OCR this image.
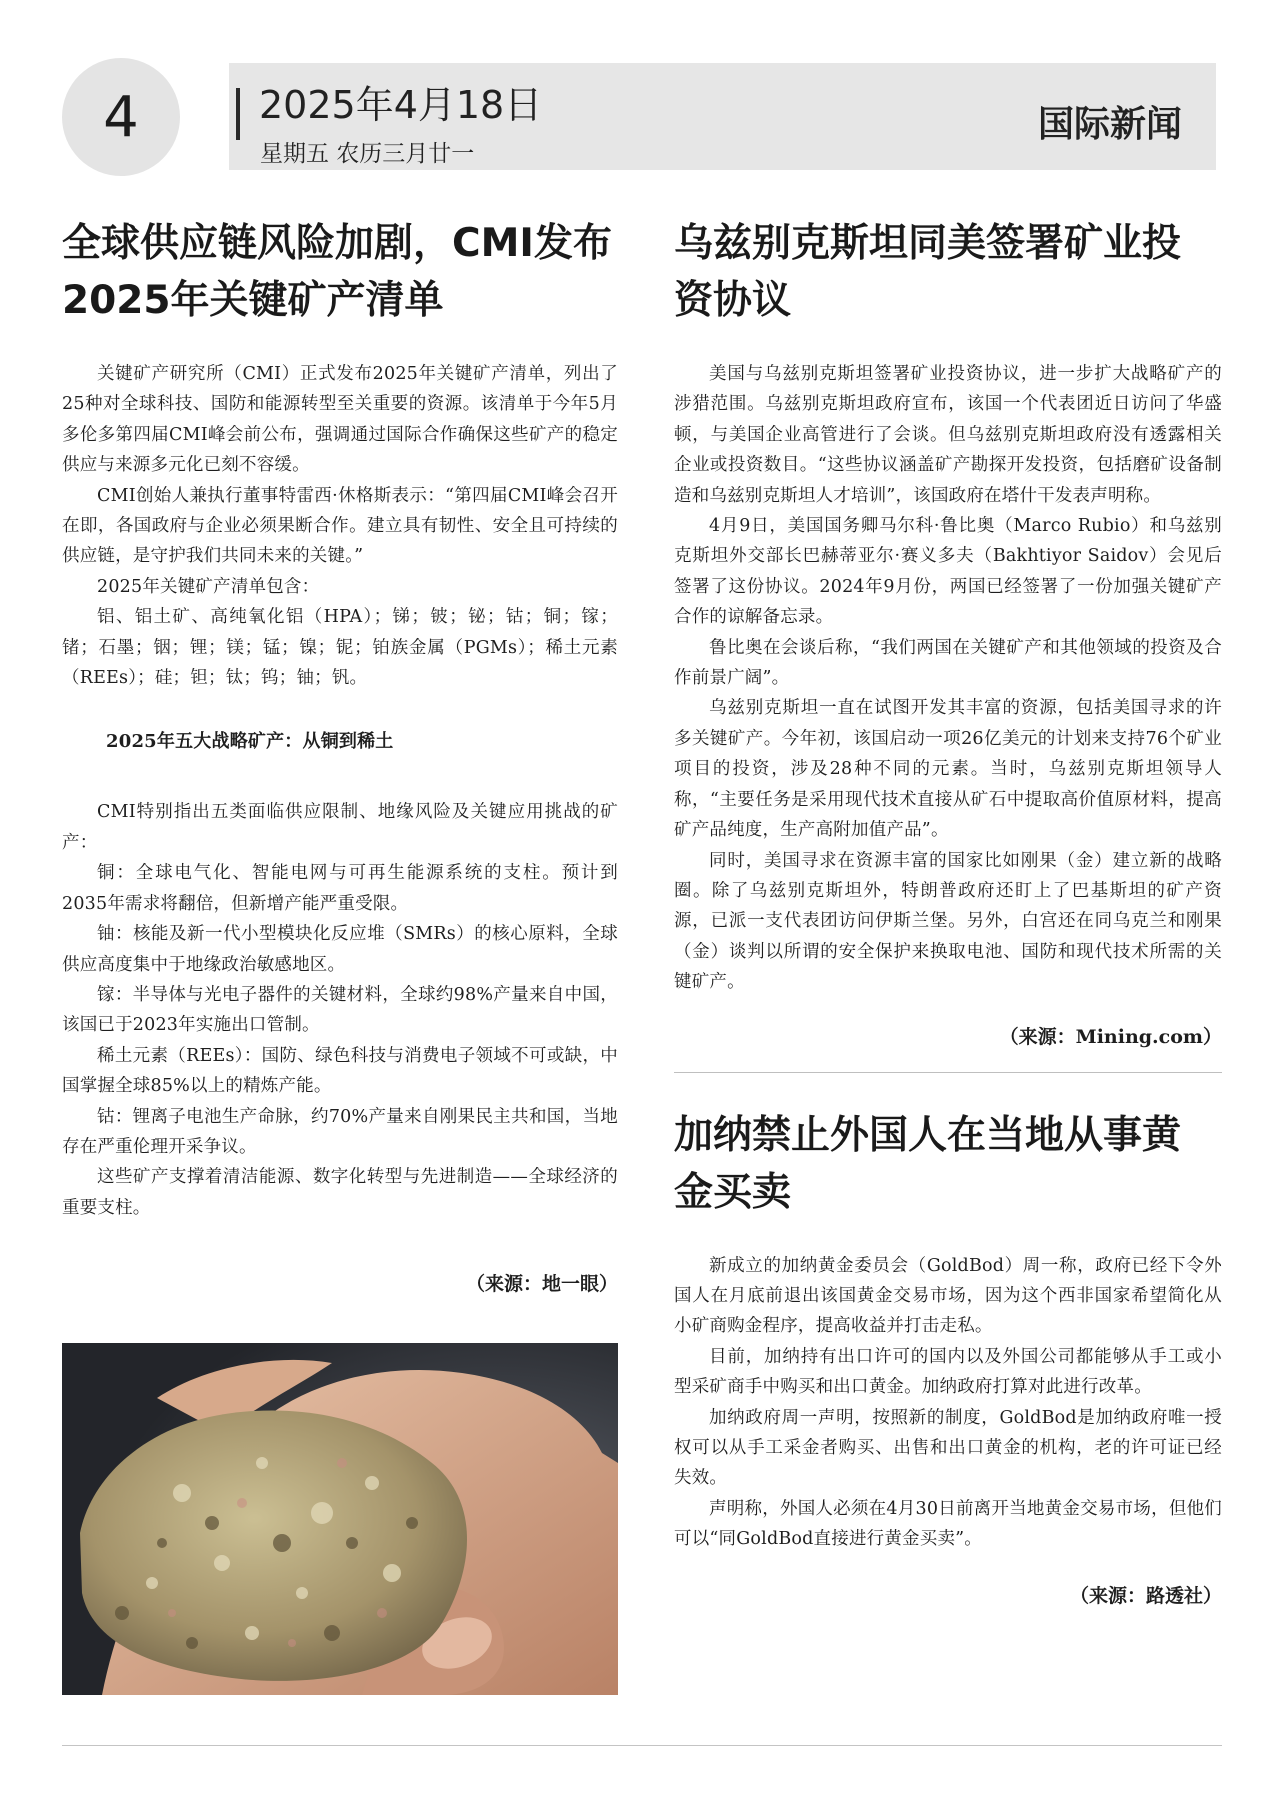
4	2025年4月18日
星期五 农历三月廿一
国际新闻
全球供应链风险加剧，CMI发布
2025年关键矿产清单

关键矿产研究所（CMI）正式发布2025年关键矿产清单，列出了25种对全球科技、国防和能源转型至关重要的资源。该清单于今年5月多伦多第四届CMI峰会前公布，强调通过国际合作确保这些矿产的稳定供应与来源多元化已刻不容缓。

CMI创始人兼执行董事特雷西·休格斯表示：“第四届CMI峰会召开在即，各国政府与企业必须果断合作。建立具有韧性、安全且可持续的供应链，是守护我们共同未来的关键。”

2025年关键矿产清单包含：

铝、铝土矿、高纯氧化铝（HPA）；锑；铍；铋；钴；铜；镓；锗；石墨；铟；锂；镁；锰；镍；铌；铂族金属（PGMs）；稀土元素（REEs）；硅；钽；钛；钨；铀；钒。

2025年五大战略矿产：从铜到稀土

CMI特别指出五类面临供应限制、地缘风险及关键应用挑战的矿产：

铜：全球电气化、智能电网与可再生能源系统的支柱。预计到2035年需求将翻倍，但新增产能严重受限。

铀：核能及新一代小型模块化反应堆（SMRs）的核心原料，全球供应高度集中于地缘政治敏感地区。

镓：半导体与光电子器件的关键材料，全球约98%产量来自中国，该国已于2023年实施出口管制。

稀土元素（REEs）：国防、绿色科技与消费电子领域不可或缺，中国掌握全球85%以上的精炼产能。

钴：锂离子电池生产命脉，约70%产量来自刚果民主共和国，当地存在严重伦理开采争议。

这些矿产支撑着清洁能源、数字化转型与先进制造——全球经济的重要支柱。

（来源：地一眼）
乌兹别克斯坦同美签署矿业投
资协议

美国与乌兹别克斯坦签署矿业投资协议，进一步扩大战略矿产的涉猎范围。乌兹别克斯坦政府宣布，该国一个代表团近日访问了华盛顿，与美国企业高管进行了会谈。但乌兹别克斯坦政府没有透露相关企业或投资数目。“这些协议涵盖矿产勘探开发投资，包括磨矿设备制造和乌兹别克斯坦人才培训”，该国政府在塔什干发表声明称。

4月9日，美国国务卿马尔科·鲁比奥（Marco Rubio）和乌兹别克斯坦外交部长巴赫蒂亚尔·赛义多夫（Bakhtiyor Saidov）会见后签署了这份协议。2024年9月份，两国已经签署了一份加强关键矿产合作的谅解备忘录。

鲁比奥在会谈后称，“我们两国在关键矿产和其他领域的投资及合作前景广阔”。

乌兹别克斯坦一直在试图开发其丰富的资源，包括美国寻求的许多关键矿产。今年初，该国启动一项26亿美元的计划来支持76个矿业项目的投资，涉及28种不同的元素。当时，乌兹别克斯坦领导人称，“主要任务是采用现代技术直接从矿石中提取高价值原材料，提高矿产品纯度，生产高附加值产品”。

同时，美国寻求在资源丰富的国家比如刚果（金）建立新的战略圈。除了乌兹别克斯坦外，特朗普政府还盯上了巴基斯坦的矿产资源，已派一支代表团访问伊斯兰堡。另外，白宫还在同乌克兰和刚果（金）谈判以所谓的安全保护来换取电池、国防和现代技术所需的关键矿产。

（来源：Mining.com）
加纳禁止外国人在当地从事黄
金买卖

新成立的加纳黄金委员会（GoldBod）周一称，政府已经下令外国人在月底前退出该国黄金交易市场，因为这个西非国家希望简化从小矿商购金程序，提高收益并打击走私。

目前，加纳持有出口许可的国内以及外国公司都能够从手工或小型采矿商手中购买和出口黄金。加纳政府打算对此进行改革。

加纳政府周一声明，按照新的制度，GoldBod是加纳政府唯一授权可以从手工采金者购买、出售和出口黄金的机构，老的许可证已经失效。

声明称，外国人必须在4月30日前离开当地黄金交易市场，但他们可以“同GoldBod直接进行黄金买卖”。

（来源：路透社）
